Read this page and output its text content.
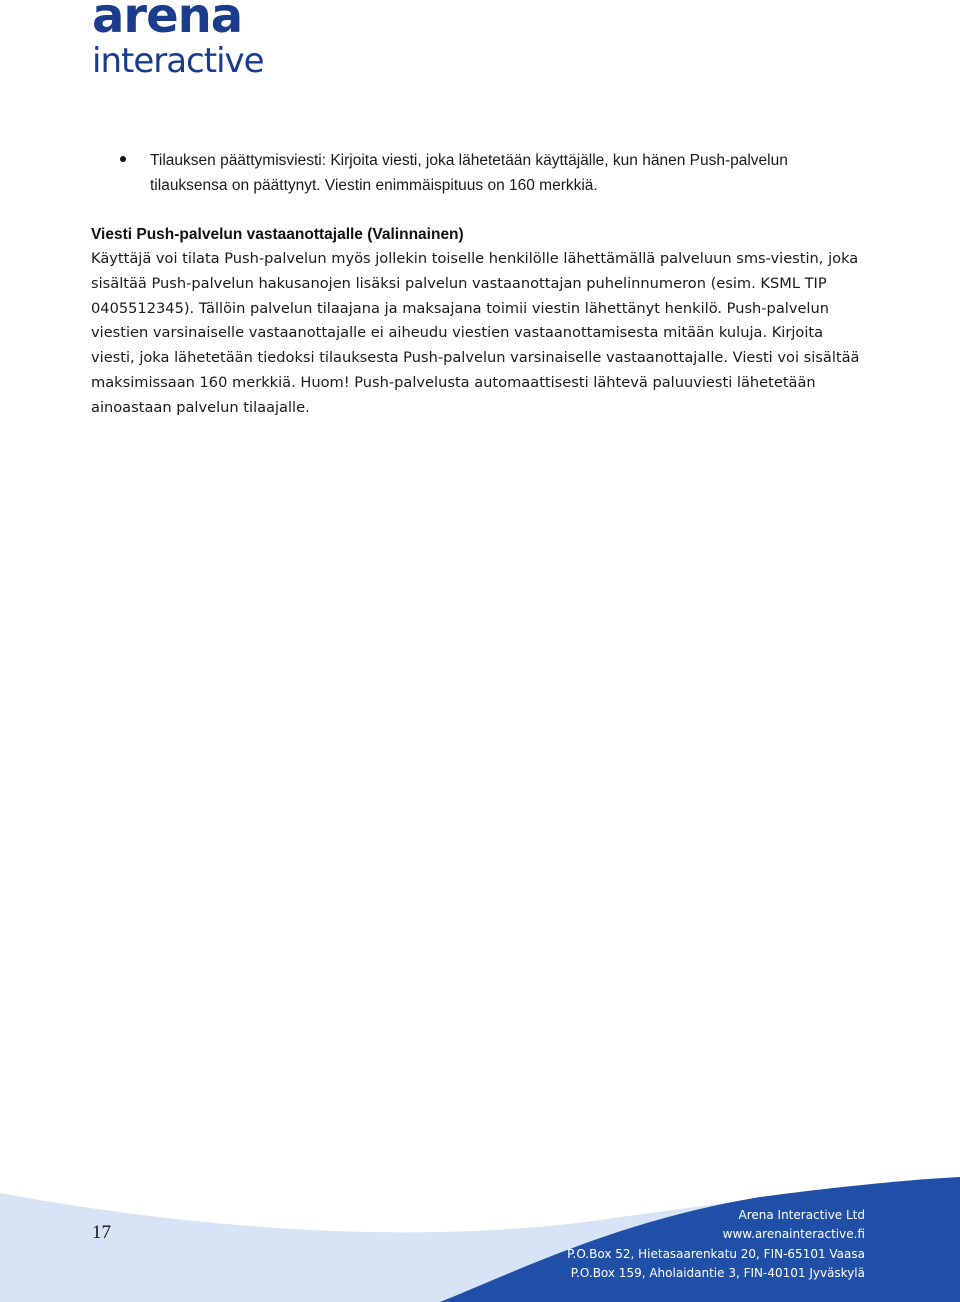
arena
interactive
Tilauksen päättymisviesti: Kirjoita viesti, joka lähetetään käyttäjälle, kun hänen Push-palvelun tilauksensa on päättynyt. Viestin enimmäispituus on 160 merkkiä.

Viesti Push-palvelun vastaanottajalle (Valinnainen)

Käyttäjä voi tilata Push-palvelun myös jollekin toiselle henkilölle lähettämällä palveluun sms-viestin, joka sisältää Push-palvelun hakusanojen lisäksi palvelun vastaanottajan puhelinnumeron (esim. KSML TIP 0405512345). Tällöin palvelun tilaajana ja maksajana toimii viestin lähettänyt henkilö. Push-palvelun viestien varsinaiselle vastaanottajalle ei aiheudu viestien vastaanottamisesta mitään kuluja. Kirjoita viesti, joka lähetetään tiedoksi tilauksesta Push-palvelun varsinaiselle vastaanottajalle. Viesti voi sisältää maksimissaan 160 merkkiä. Huom! Push-palvelusta automaattisesti lähtevä paluuviesti lähetetään ainoastaan palvelun tilaajalle.

17
Arena Interactive Ltd
www.arenainteractive.fi
P.O.Box 52, Hietasaarenkatu 20, FIN-65101 Vaasa
P.O.Box 159, Aholaidantie 3, FIN-40101 Jyväskylä
